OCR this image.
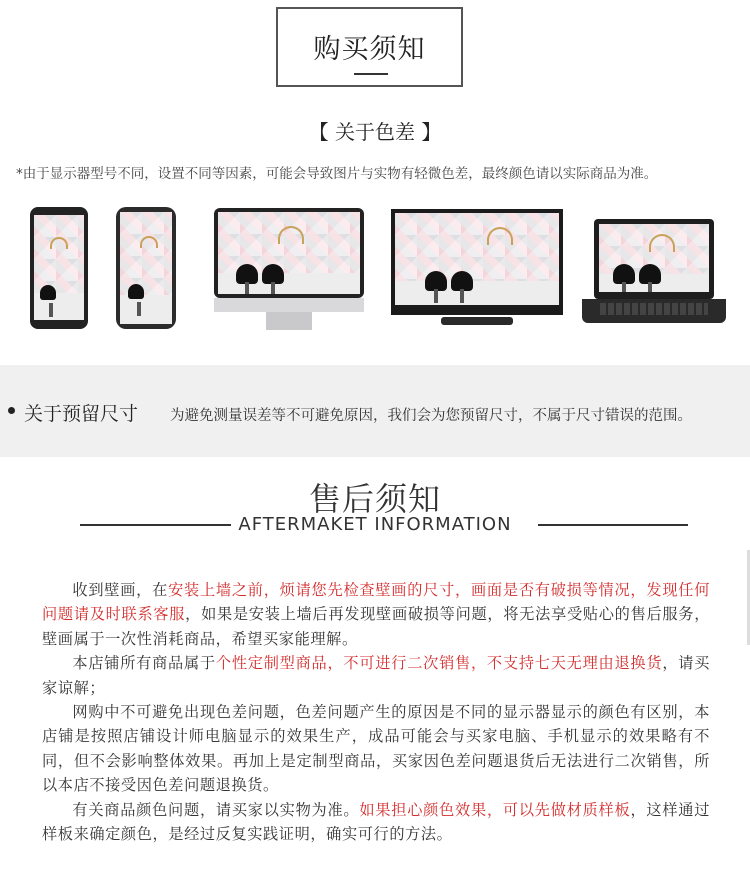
购买须知
【 关于色差 】
*由于显示器型号不同，设置不同等因素，可能会导致图片与实物有轻微色差，最终颜色请以实际商品为准。
关于预留尺寸 为避免测量误差等不可避免原因，我们会为您预留尺寸，不属于尺寸错误的范围。
售后须知
AFTERMAKET INFORMATION

收到壁画，在安装上墙之前，烦请您先检查壁画的尺寸，画面是否有破损等情况，发现任何问题请及时联系客服，如果是安装上墙后再发现壁画破损等问题，将无法享受贴心的售后服务，壁画属于一次性消耗商品，希望买家能理解。

本店铺所有商品属于个性定制型商品，不可进行二次销售，不支持七天无理由退换货，请买家谅解；

网购中不可避免出现色差问题，色差问题产生的原因是不同的显示器显示的颜色有区别，本店铺是按照店铺设计师电脑显示的效果生产，成品可能会与买家电脑、手机显示的效果略有不同，但不会影响整体效果。再加上是定制型商品，买家因色差问题退货后无法进行二次销售，所以本店不接受因色差问题退换货。

有关商品颜色问题，请买家以实物为准。如果担心颜色效果，可以先做材质样板，这样通过样板来确定颜色，是经过反复实践证明，确实可行的方法。
